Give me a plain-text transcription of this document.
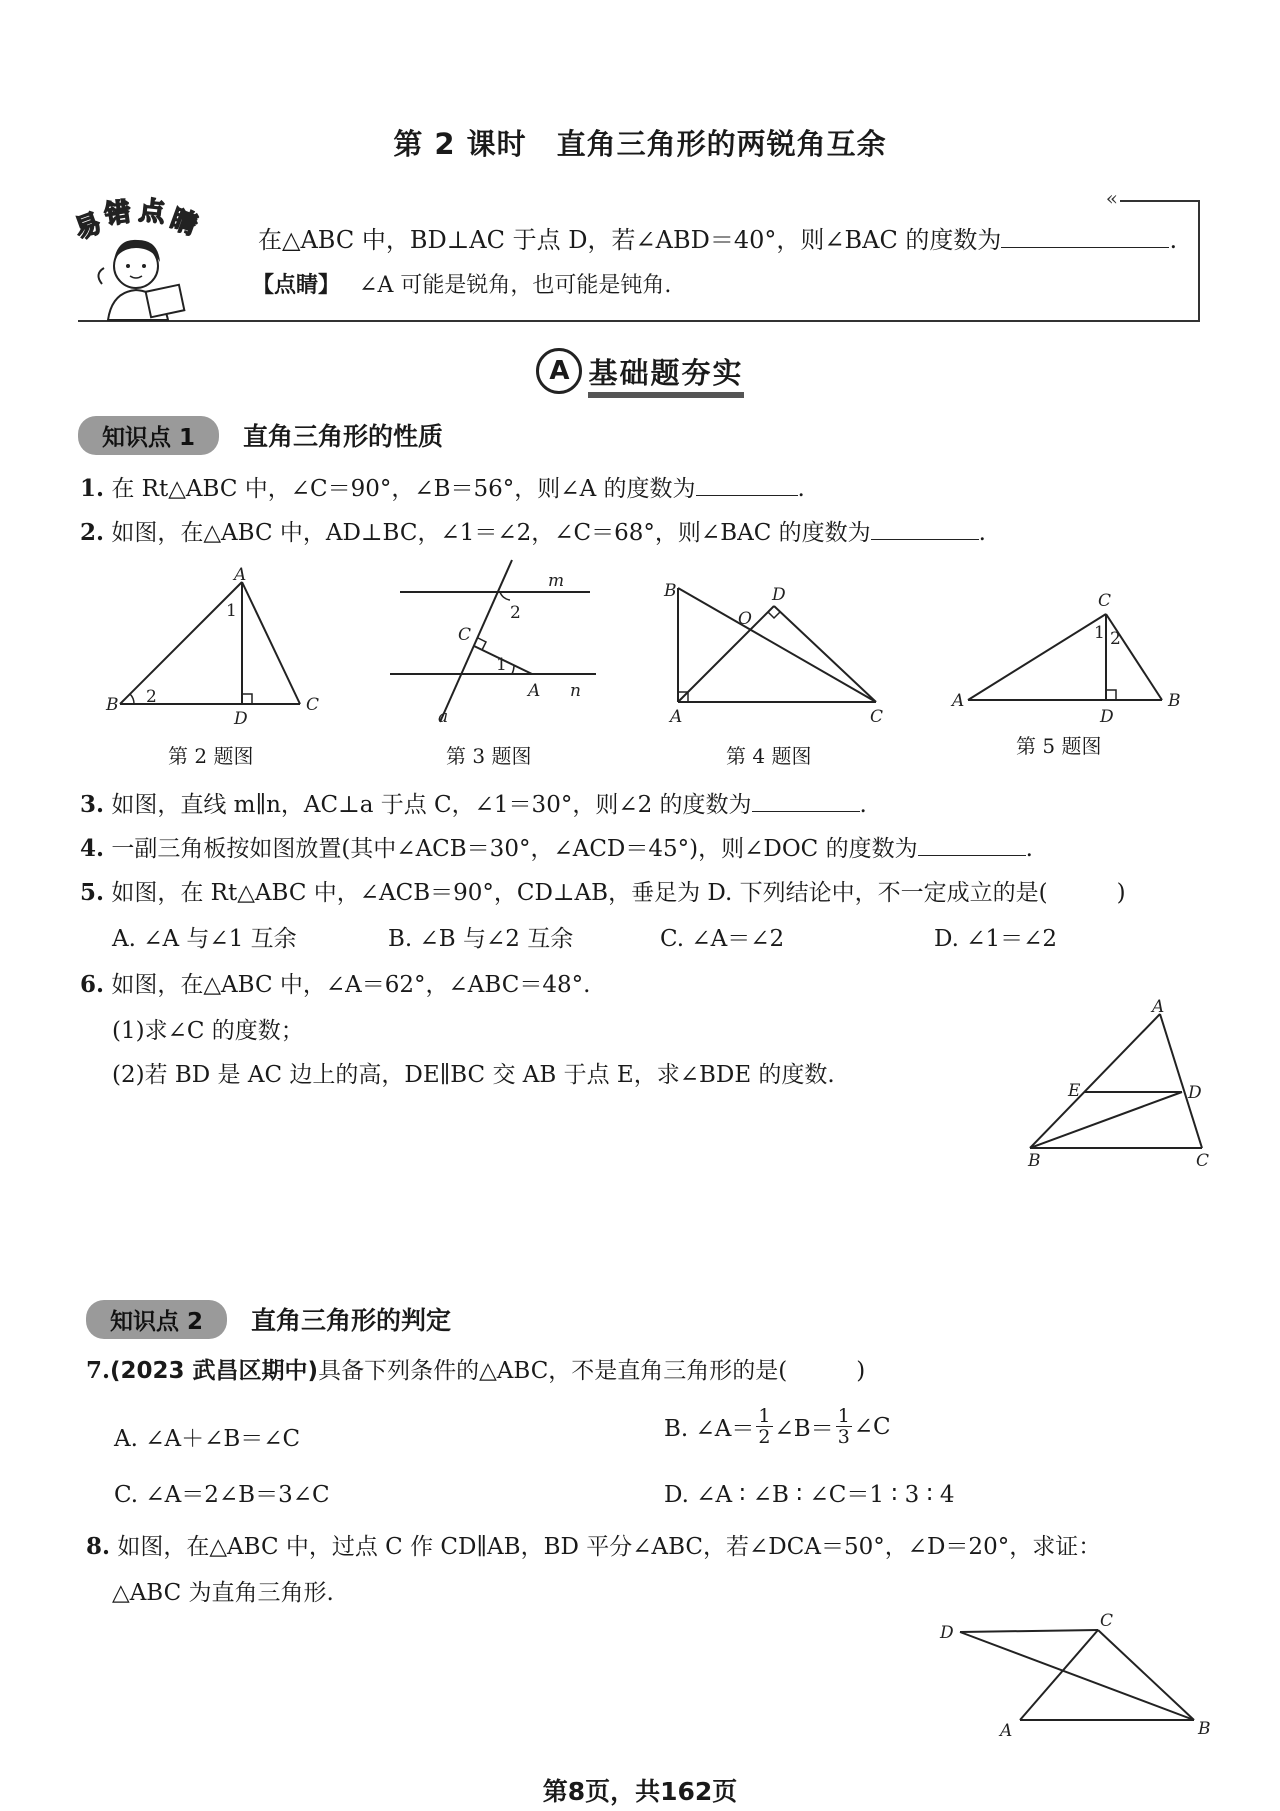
第 2 课时　直角三角形的两锐角互余
«
易
错 点 睛 在△ABC 中，BD⊥AC 于点 D，若∠ABD＝40°，则∠BAC 的度数为	.
【点睛】 ∠A 可能是锐角，也可能是钝角.
A 基础题夯实
知识点 1 直角三角形的性质
1. 在 Rt△ABC 中，∠C＝90°，∠B＝56°，则∠A 的度数为	.
2. 如图，在△ABC 中，AD⊥BC，∠1＝∠2，∠C＝68°，则∠BAC 的度数为	.
A
B	C
D
1
2
第 2 题图
m
n
a
A
C
1
2
第 3 题图
B	D
O
A	C
第 4 题图
C
A	B
D
1 2
第 5 题图
3. 如图，直线 m∥n，AC⊥a 于点 C，∠1＝30°，则∠2 的度数为	.
4. 一副三角板按如图放置(其中∠ACB＝30°，∠ACD＝45°)，则∠DOC 的度数为	.
5. 如图，在 Rt△ABC 中，∠ACB＝90°，CD⊥AB，垂足为 D. 下列结论中，不一定成立的是(　　　)
A. ∠A 与∠1 互余	B. ∠B 与∠2 互余	C. ∠A＝∠2	D. ∠1＝∠2
6. 如图，在△ABC 中，∠A＝62°，∠ABC＝48°.
(1)求∠C 的度数；
(2)若 BD 是 AC 边上的高，DE∥BC 交 AB 于点 E，求∠BDE 的度数.
A
E	D
B	C
知识点 2 直角三角形的判定
7.(2023 武昌区期中)具备下列条件的△ABC，不是直角三角形的是(　　　)
A. ∠A＋∠B＝∠C	B. ∠A＝ $\frac{1}{2}$ ∠B＝ $\frac{1}{3}$ ∠C
C. ∠A＝2∠B＝3∠C	D. ∠A ∶ ∠B ∶ ∠C＝1 ∶ 3 ∶ 4
8. 如图，在△ABC 中，过点 C 作 CD∥AB，BD 平分∠ABC，若∠DCA＝50°，∠D＝20°，求证：
△ABC 为直角三角形.
D
C
A	B
第8页，共162页
